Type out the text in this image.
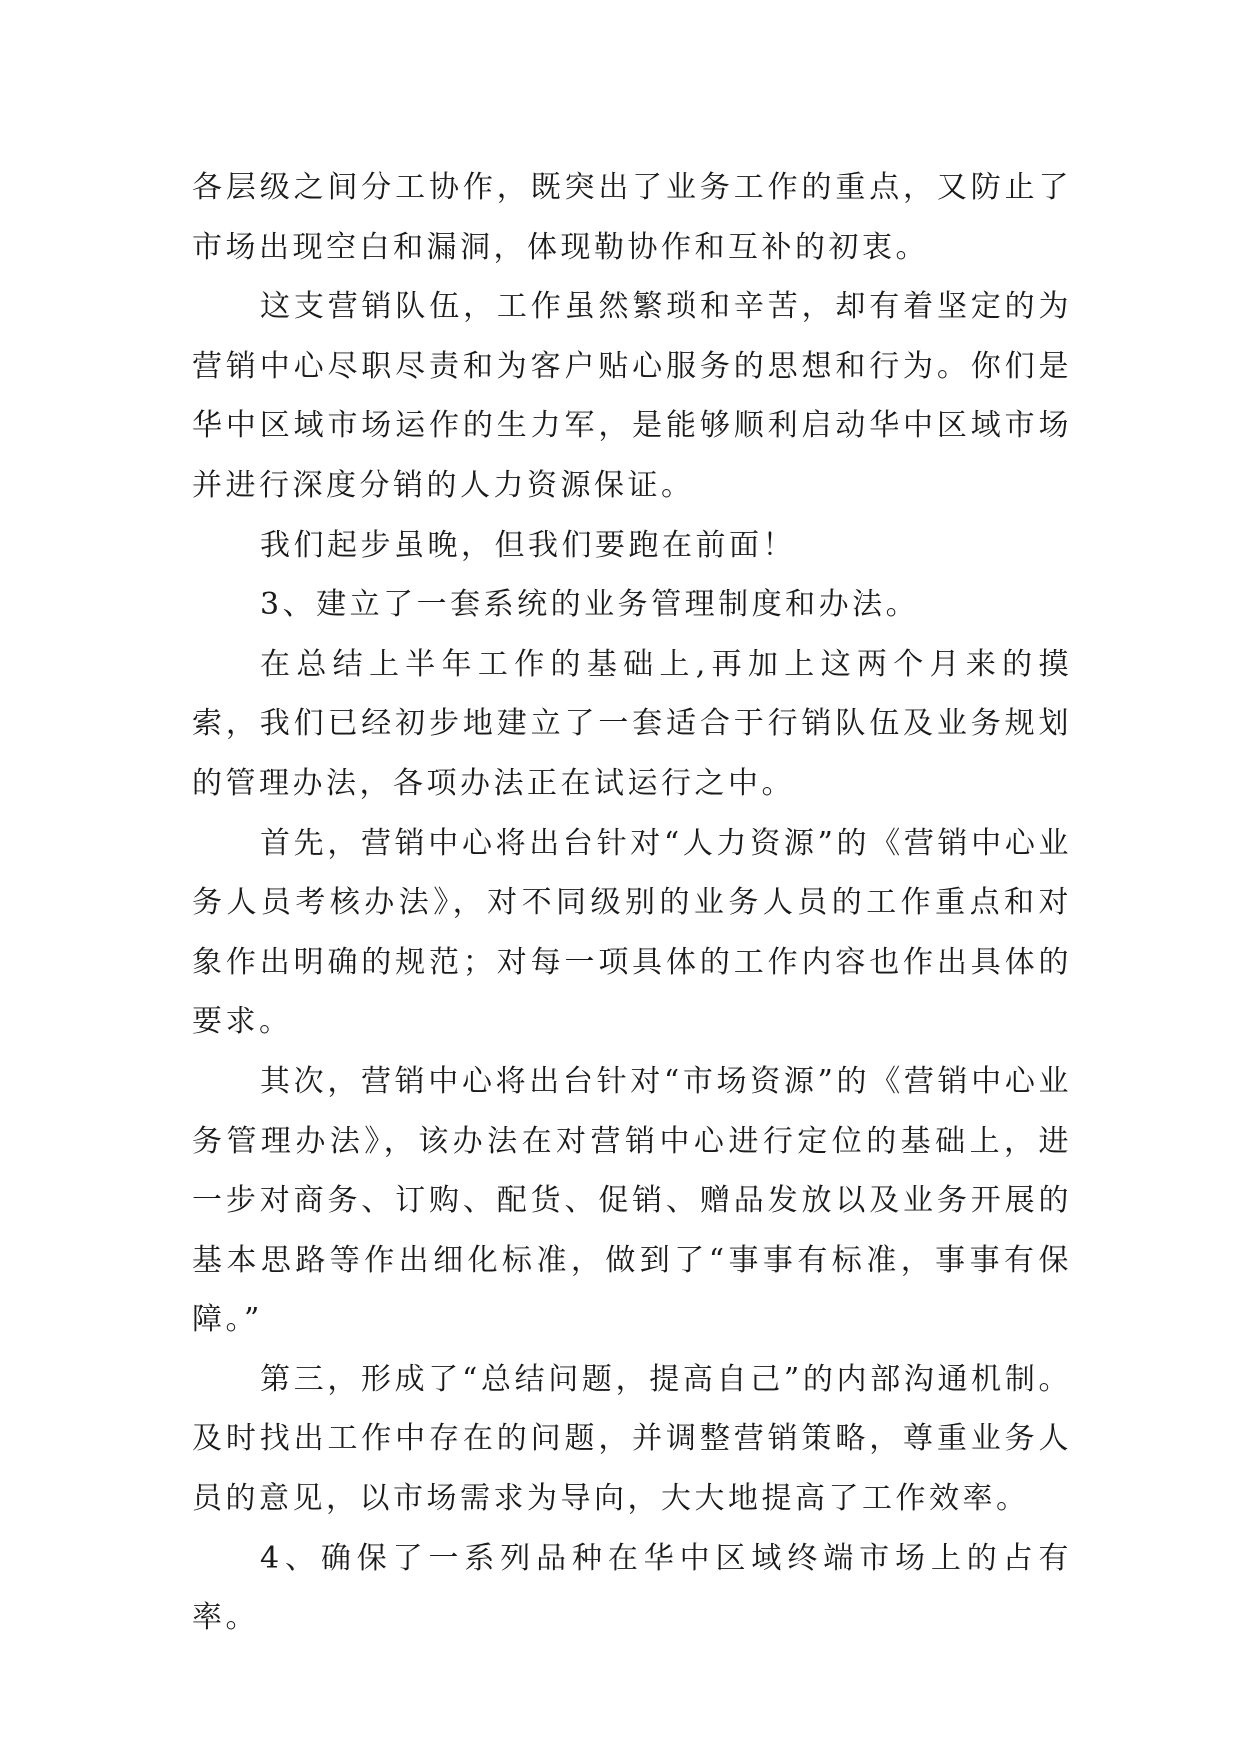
各层级之间分工协作，既突出了业务工作的重点，又防止了市场出现空白和漏洞，体现勒协作和互补的初衷。

这支营销队伍，工作虽然繁琐和辛苦，却有着坚定的为营销中心尽职尽责和为客户贴心服务的思想和行为。你们是华中区域市场运作的生力军，是能够顺利启动华中区域市场并进行深度分销的人力资源保证。

我们起步虽晚，但我们要跑在前面！

3、建立了一套系统的业务管理制度和办法。

在总结上半年工作的基础上,再加上这两个月来的摸索，我们已经初步地建立了一套适合于行销队伍及业务规划的管理办法，各项办法正在试运行之中。

首先，营销中心将出台针对“人力资源”的《营销中心业务人员考核办法》，对不同级别的业务人员的工作重点和对象作出明确的规范；对每一项具体的工作内容也作出具体的要求。

其次，营销中心将出台针对“市场资源”的《营销中心业务管理办法》，该办法在对营销中心进行定位的基础上，进一步对商务、订购、配货、促销、赠品发放以及业务开展的基本思路等作出细化标准，做到了“事事有标准，事事有保障。”

第三，形成了“总结问题，提高自己”的内部沟通机制。及时找出工作中存在的问题，并调整营销策略，尊重业务人员的意见，以市场需求为导向，大大地提高了工作效率。

4、确保了一系列品种在华中区域终端市场上的占有率。
